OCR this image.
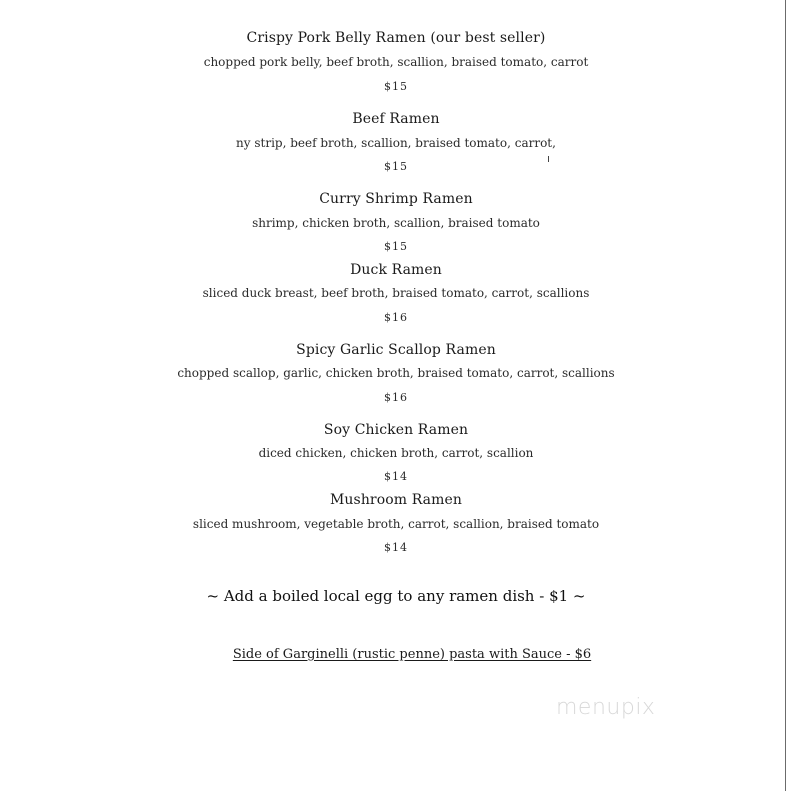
Crispy Pork Belly Ramen (our best seller)
chopped pork belly, beef broth, scallion, braised tomato, carrot
$15
Beef Ramen
ny strip, beef broth, scallion, braised tomato, carrot,
$15
Curry Shrimp Ramen
shrimp, chicken broth, scallion, braised tomato
$15
Duck Ramen
sliced duck breast, beef broth, braised tomato, carrot, scallions
$16
Spicy Garlic Scallop Ramen
chopped scallop, garlic, chicken broth, braised tomato, carrot, scallions
$16
Soy Chicken Ramen
diced chicken, chicken broth, carrot, scallion
$14
Mushroom Ramen
sliced mushroom, vegetable broth, carrot, scallion, braised tomato
$14
~ Add a boiled local egg to any ramen dish - $1 ~
Side of Garginelli (rustic penne) pasta with Sauce - $6
menupix
